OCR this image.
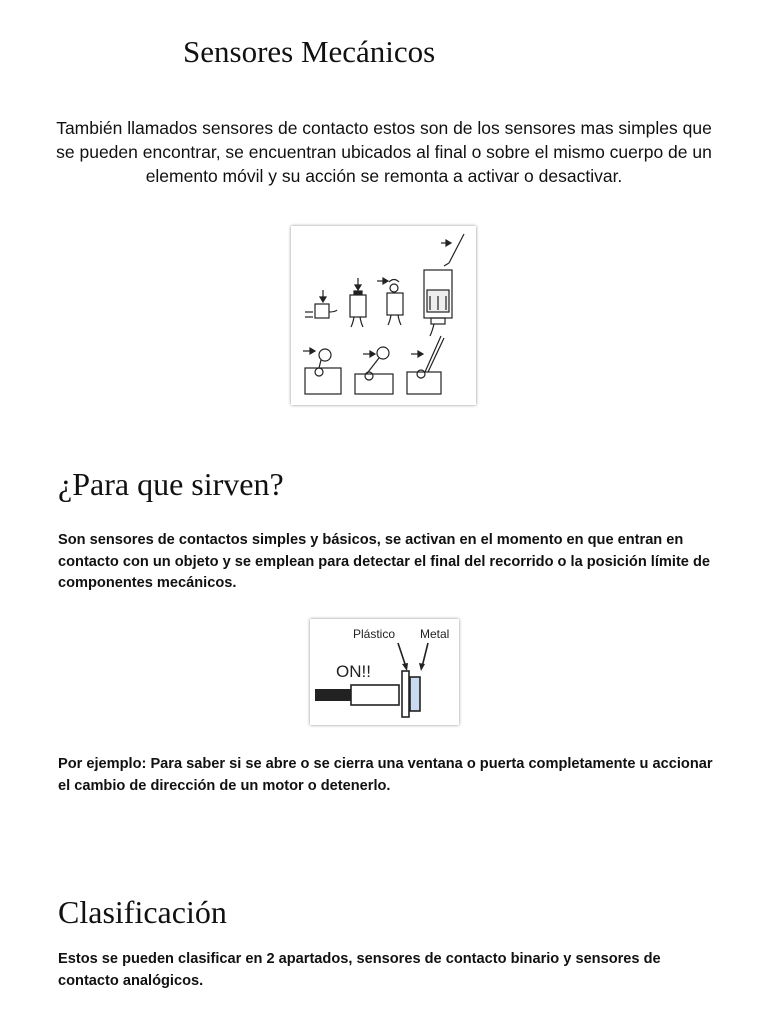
Sensores Mecánicos
También llamados sensores de contacto estos son de los sensores mas simples que se pueden encontrar, se encuentran ubicados al final o sobre el mismo cuerpo de un elemento móvil y su acción se remonta a activar o desactivar.
¿Para que sirven?
Son sensores de contactos simples y básicos, se activan en el momento en que entran en contacto con un objeto y se emplean para detectar el final del recorrido o la posición límite de componentes mecánicos.
Plástico Metal
ON!!
Por ejemplo: Para saber si se abre o se cierra una ventana o puerta completamente u accionar el cambio de dirección de un motor o detenerlo.
Clasificación
Estos se pueden clasificar en 2 apartados, sensores de contacto binario y sensores de contacto analógicos.
